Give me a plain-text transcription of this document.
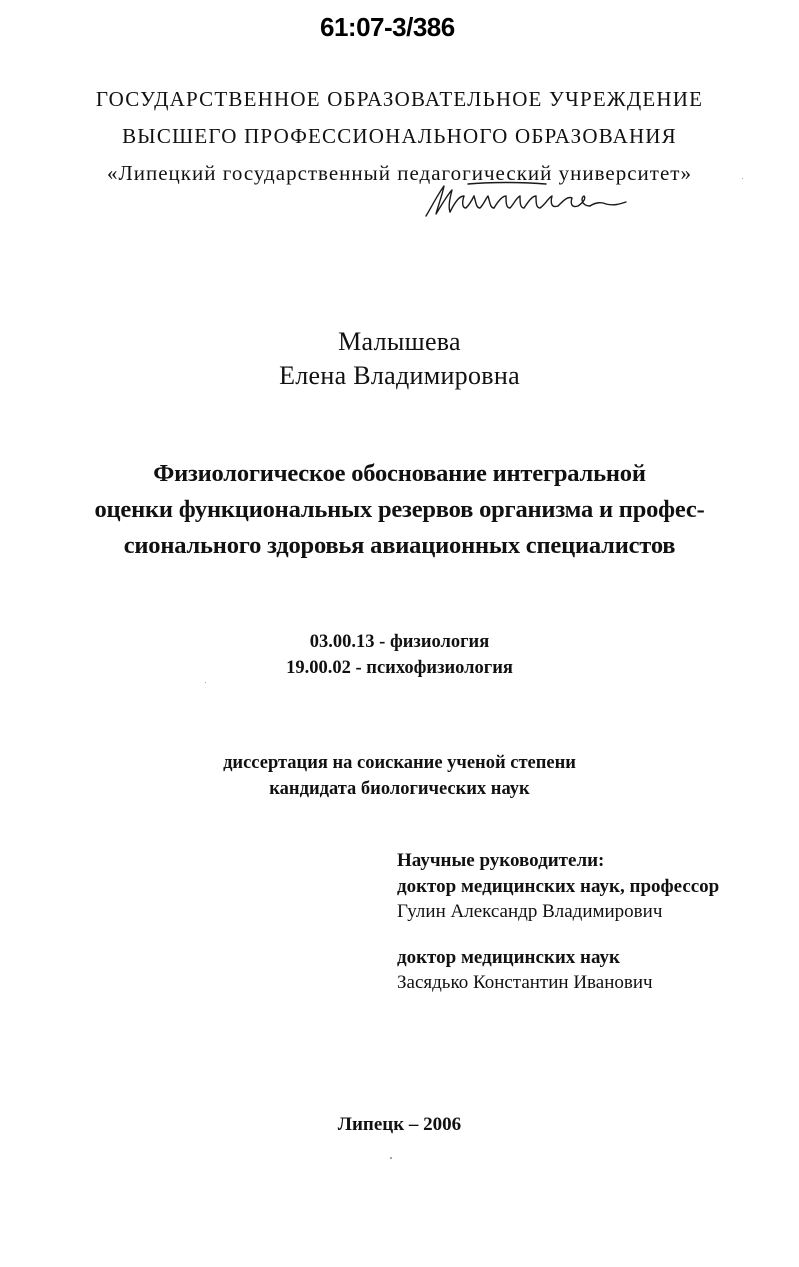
61:07-3/386
ГОСУДАРСТВЕННОЕ ОБРАЗОВАТЕЛЬНОЕ УЧРЕЖДЕНИЕ
ВЫСШЕГО ПРОФЕССИОНАЛЬНОГО ОБРАЗОВАНИЯ
«Липецкий государственный педагогический университет»
Малышева
Елена Владимировна
Физиологическое обоснование интегральной
оценки функциональных резервов организма и профес-
сионального здоровья авиационных специалистов
03.00.13 - физиология
19.00.02 - психофизиология
диссертация на соискание ученой степени
кандидата биологических наук
Научные руководители:
доктор медицинских наук, профессор
Гулин Александр Владимирович
доктор медицинских наук
Засядько Константин Иванович
Липецк – 2006
